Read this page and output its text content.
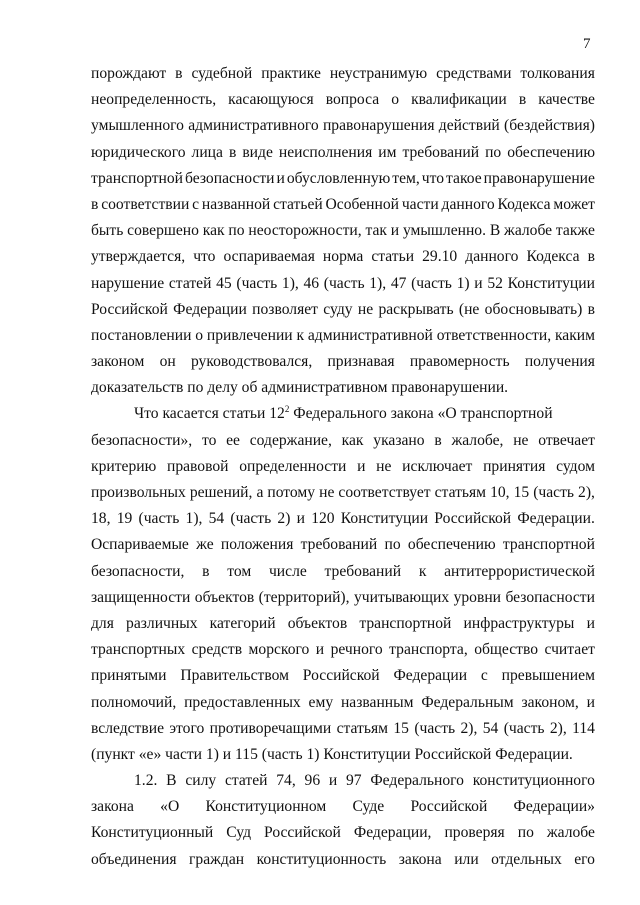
7
порождают в судебной практике неустранимую средствами толкования
неопределенность, касающуюся вопроса о квалификации в качестве
умышленного административного правонарушения действий (бездействия)
юридического лица в виде неисполнения им требований по обеспечению
транспортной безопасности и обусловленную тем, что такое правонарушение
в соответствии с названной статьей Особенной части данного Кодекса может
быть совершено как по неосторожности, так и умышленно. В жалобе также
утверждается, что оспариваемая норма статьи 29.10 данного Кодекса в
нарушение статей 45 (часть 1), 46 (часть 1), 47 (часть 1) и 52 Конституции
Российской Федерации позволяет суду не раскрывать (не обосновывать) в
постановлении о привлечении к административной ответственности, каким
законом он руководствовался, признавая правомерность получения
доказательств по делу об административном правонарушении.
Что касается статьи $12^2$ Федерального закона «О транспортной
безопасности», то ее содержание, как указано в жалобе, не отвечает
критерию правовой определенности и не исключает принятия судом
произвольных решений, а потому не соответствует статьям 10, 15 (часть 2),
18, 19 (часть 1), 54 (часть 2) и 120 Конституции Российской Федерации.
Оспариваемые же положения требований по обеспечению транспортной
безопасности, в том числе требований к антитеррористической
защищенности объектов (территорий), учитывающих уровни безопасности
для различных категорий объектов транспортной инфраструктуры и
транспортных средств морского и речного транспорта, общество считает
принятыми Правительством Российской Федерации с превышением
полномочий, предоставленных ему названным Федеральным законом, и
вследствие этого противоречащими статьям 15 (часть 2), 54 (часть 2), 114
(пункт «е» части 1) и 115 (часть 1) Конституции Российской Федерации.
1.2. В силу статей 74, 96 и 97 Федерального конституционного
закона «О Конституционном Суде Российской Федерации»
Конституционный Суд Российской Федерации, проверяя по жалобе
объединения граждан конституционность закона или отдельных его
